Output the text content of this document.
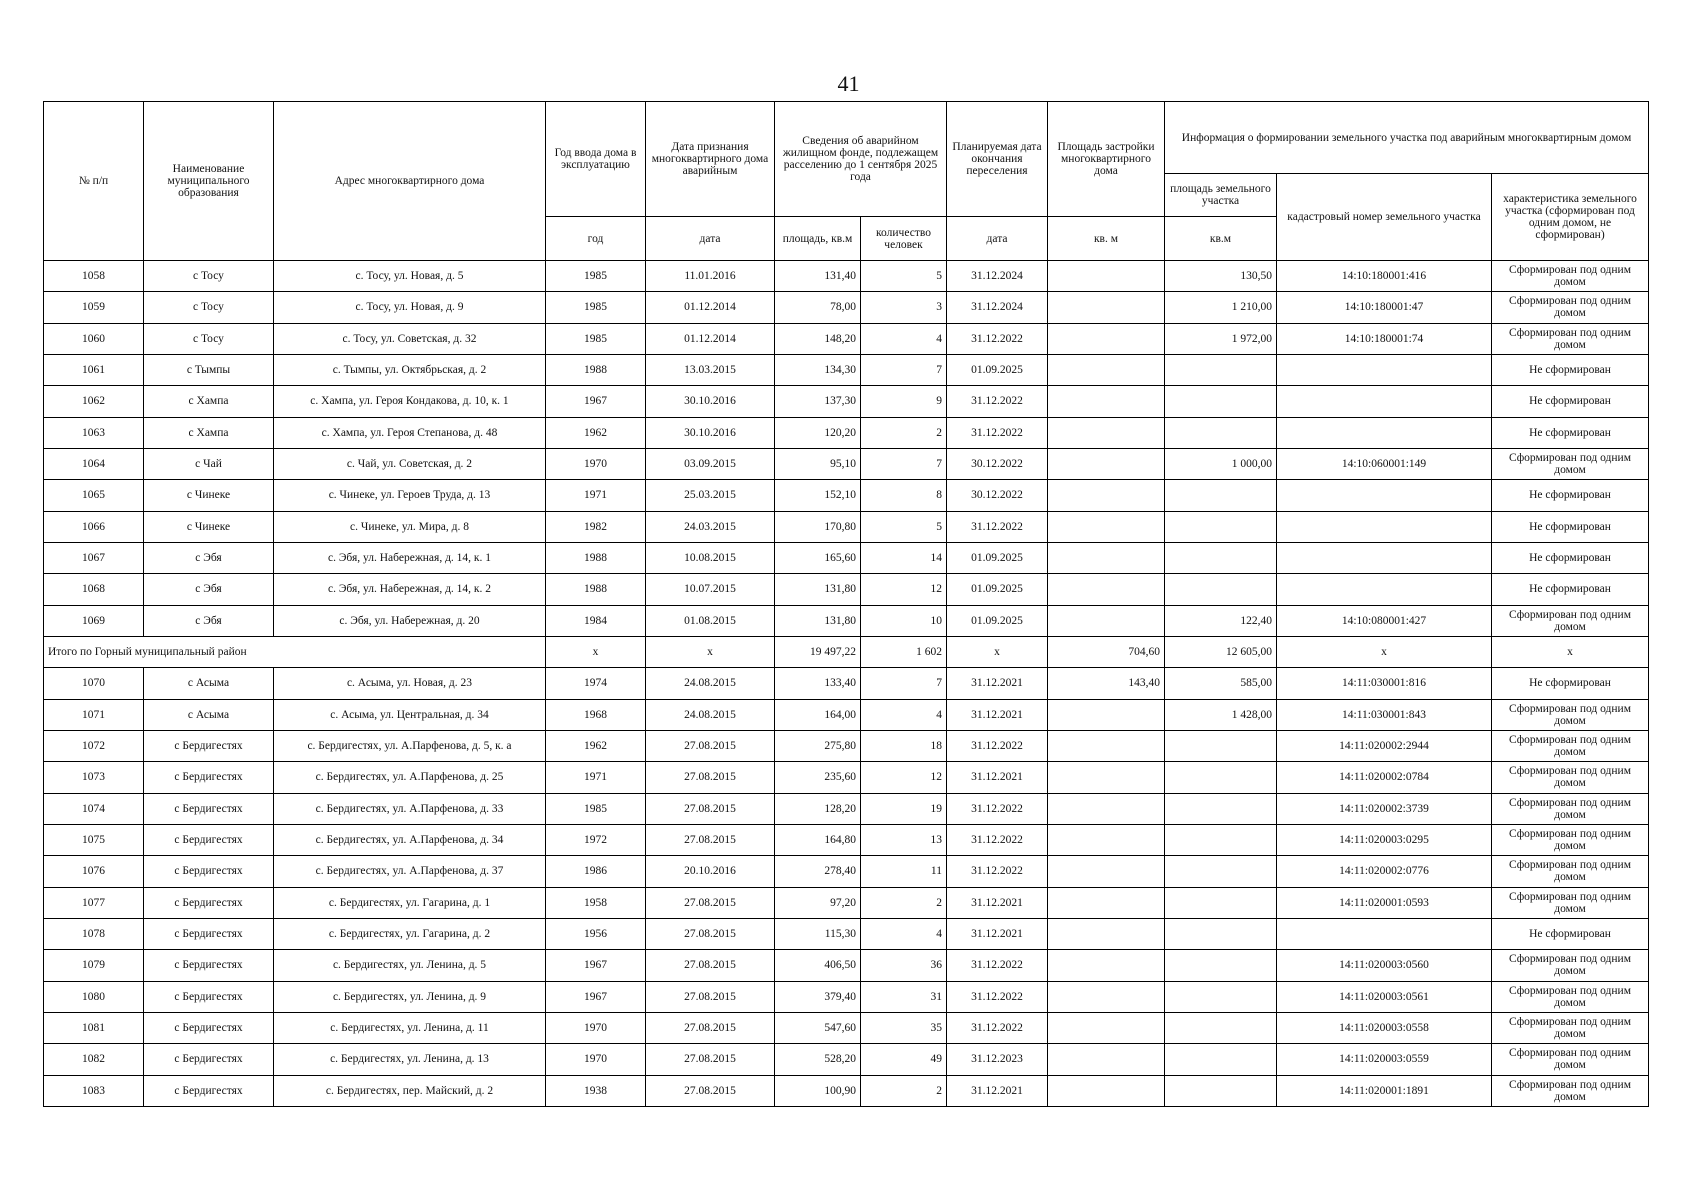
41
№ п/п	Наименование муниципального образования	Адрес многоквартирного дома	Год ввода дома в эксплуатацию	Дата признания многоквартирного дома аварийным	Сведения об аварийном жилищном фонде, подлежащем расселению до 1 сентября 2025 года		Планируемая дата окончания переселения	Площадь застройки многоквартирного дома	Информация о формировании земельного участка под аварийным многоквартирным домом		
									площадь земельного участка	кадастровый номер земельного участка	характеристика земельного участка (сформирован под одним домом, не сформирован)
			год	дата	площадь, кв.м	количество человек	дата	кв. м	кв.м		
1058	с Тосу	с. Тосу, ул. Новая, д. 5	1985	11.01.2016	131,40	5	31.12.2024		130,50	14:10:180001:416	Сформирован под одним домом
1059	с Тосу	с. Тосу, ул. Новая, д. 9	1985	01.12.2014	78,00	3	31.12.2024		1 210,00	14:10:180001:47	Сформирован под одним домом
1060	с Тосу	с. Тосу, ул. Советская, д. 32	1985	01.12.2014	148,20	4	31.12.2022		1 972,00	14:10:180001:74	Сформирован под одним домом
1061	с Тымпы	с. Тымпы, ул. Октябрьская, д. 2	1988	13.03.2015	134,30	7	01.09.2025				Не сформирован
1062	с Хампа	с. Хампа, ул. Героя Кондакова, д. 10, к. 1	1967	30.10.2016	137,30	9	31.12.2022				Не сформирован
1063	с Хампа	с. Хампа, ул. Героя Степанова, д. 48	1962	30.10.2016	120,20	2	31.12.2022				Не сформирован
1064	с Чай	с. Чай, ул. Советская, д. 2	1970	03.09.2015	95,10	7	30.12.2022		1 000,00	14:10:060001:149	Сформирован под одним домом
1065	с Чинеке	с. Чинеке, ул. Героев Труда, д. 13	1971	25.03.2015	152,10	8	30.12.2022				Не сформирован
1066	с Чинеке	с. Чинеке, ул. Мира, д. 8	1982	24.03.2015	170,80	5	31.12.2022				Не сформирован
1067	с Эбя	с. Эбя, ул. Набережная, д. 14, к. 1	1988	10.08.2015	165,60	14	01.09.2025				Не сформирован
1068	с Эбя	с. Эбя, ул. Набережная, д. 14, к. 2	1988	10.07.2015	131,80	12	01.09.2025				Не сформирован
1069	с Эбя	с. Эбя, ул. Набережная, д. 20	1984	01.08.2015	131,80	10	01.09.2025		122,40	14:10:080001:427	Сформирован под одним домом
Итого по Горный муниципальный район			х	х	19 497,22	1 602	х	704,60	12 605,00	х	х
1070	с Асыма	с. Асыма, ул. Новая, д. 23	1974	24.08.2015	133,40	7	31.12.2021	143,40	585,00	14:11:030001:816	Не сформирован
1071	с Асыма	с. Асыма, ул. Центральная, д. 34	1968	24.08.2015	164,00	4	31.12.2021		1 428,00	14:11:030001:843	Сформирован под одним домом
1072	с Бердигестях	с. Бердигестях, ул. А.Парфенова, д. 5, к. а	1962	27.08.2015	275,80	18	31.12.2022			14:11:020002:2944	Сформирован под одним домом
1073	с Бердигестях	с. Бердигестях, ул. А.Парфенова, д. 25	1971	27.08.2015	235,60	12	31.12.2021			14:11:020002:0784	Сформирован под одним домом
1074	с Бердигестях	с. Бердигестях, ул. А.Парфенова, д. 33	1985	27.08.2015	128,20	19	31.12.2022			14:11:020002:3739	Сформирован под одним домом
1075	с Бердигестях	с. Бердигестях, ул. А.Парфенова, д. 34	1972	27.08.2015	164,80	13	31.12.2022			14:11:020003:0295	Сформирован под одним домом
1076	с Бердигестях	с. Бердигестях, ул. А.Парфенова, д. 37	1986	20.10.2016	278,40	11	31.12.2022			14:11:020002:0776	Сформирован под одним домом
1077	с Бердигестях	с. Бердигестях, ул. Гагарина, д. 1	1958	27.08.2015	97,20	2	31.12.2021			14:11:020001:0593	Сформирован под одним домом
1078	с Бердигестях	с. Бердигестях, ул. Гагарина, д. 2	1956	27.08.2015	115,30	4	31.12.2021				Не сформирован
1079	с Бердигестях	с. Бердигестях, ул. Ленина, д. 5	1967	27.08.2015	406,50	36	31.12.2022			14:11:020003:0560	Сформирован под одним домом
1080	с Бердигестях	с. Бердигестях, ул. Ленина, д. 9	1967	27.08.2015	379,40	31	31.12.2022			14:11:020003:0561	Сформирован под одним домом
1081	с Бердигестях	с. Бердигестях, ул. Ленина, д. 11	1970	27.08.2015	547,60	35	31.12.2022			14:11:020003:0558	Сформирован под одним домом
1082	с Бердигестях	с. Бердигестях, ул. Ленина, д. 13	1970	27.08.2015	528,20	49	31.12.2023			14:11:020003:0559	Сформирован под одним домом
1083	с Бердигестях	с. Бердигестях, пер. Майский, д. 2	1938	27.08.2015	100,90	2	31.12.2021			14:11:020001:1891	Сформирован под одним домом
